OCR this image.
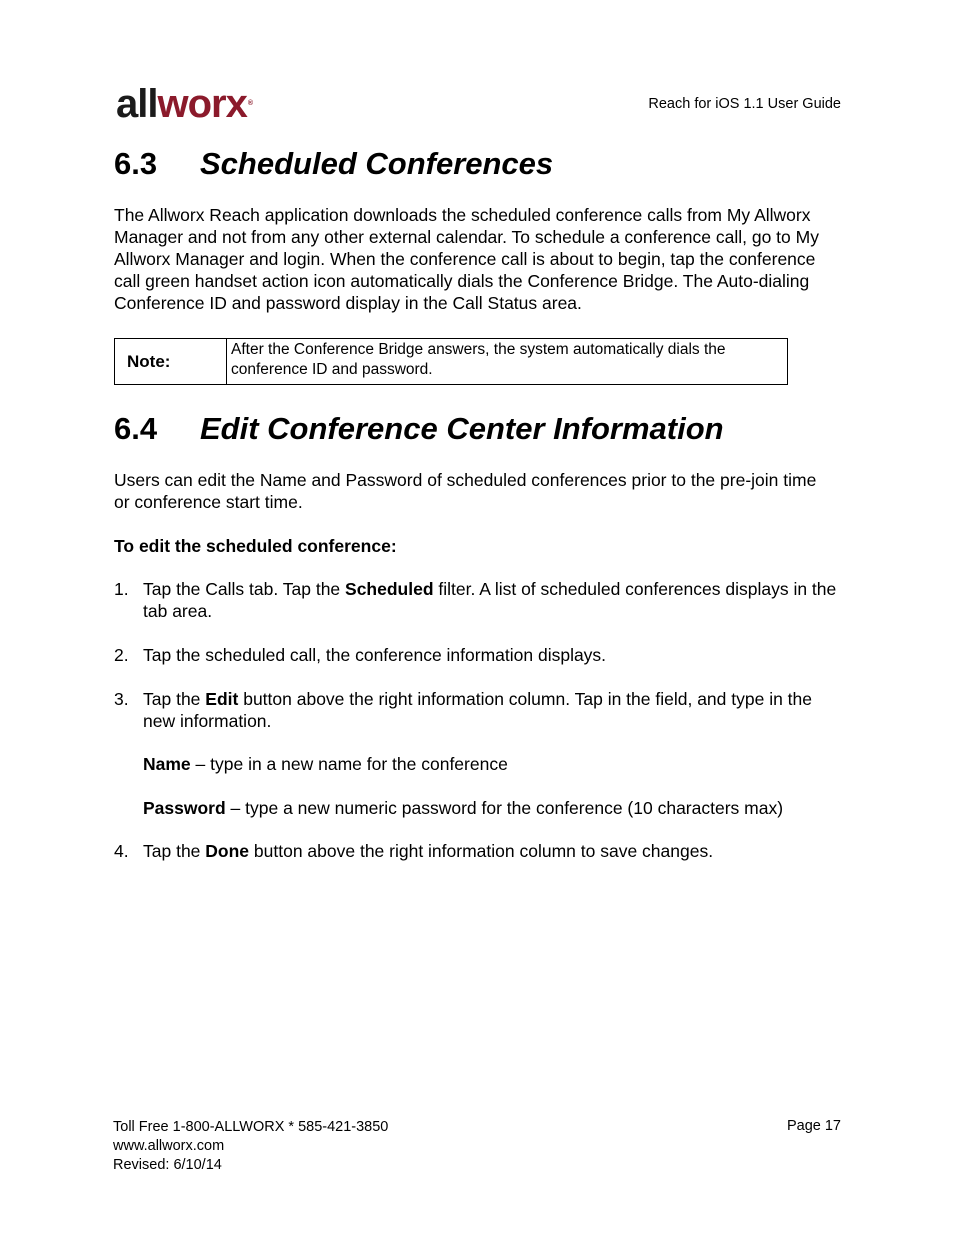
allworx®	Reach for iOS 1.1 User Guide
6.3 Scheduled Conferences

The Allworx Reach application downloads the scheduled conference calls from My Allworx Manager and not from any other external calendar. To schedule a conference call, go to My Allworx Manager and login. When the conference call is about to begin, tap the conference call green handset action icon automatically dials the Conference Bridge. The Auto-dialing Conference ID and password display in the Call Status area.

Note:
After the Conference Bridge answers, the system automatically dials the conference ID and password.
6.4 Edit Conference Center Information

Users can edit the Name and Password of scheduled conferences prior to the pre-join time or conference start time.

To edit the scheduled conference:
1. Tap the Calls tab. Tap the Scheduled filter. A list of scheduled conferences displays in the tab area.
2. Tap the scheduled call, the conference information displays.
3. Tap the Edit button above the right information column. Tap in the field, and type in the new information.
Name – type in a new name for the conference
Password – type a new numeric password for the conference (10 characters max)
4. Tap the Done button above the right information column to save changes.
Toll Free 1-800-ALLWORX * 585-421-3850
www.allworx.com
Revised: 6/10/14
Page 17
